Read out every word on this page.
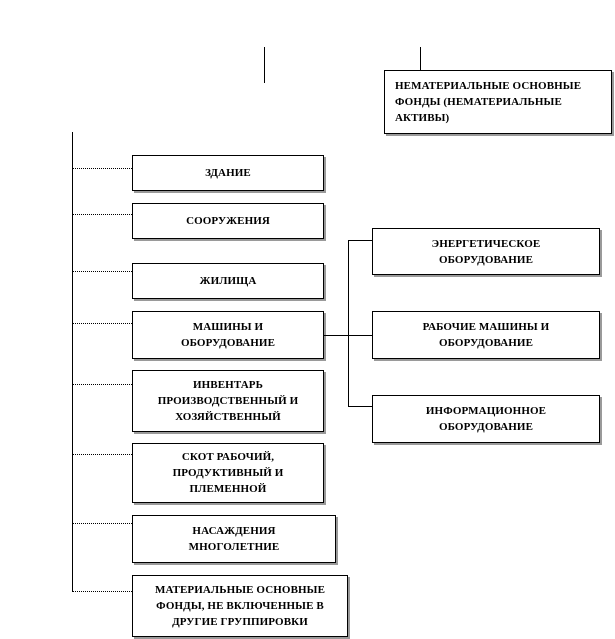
НЕМАТЕРИАЛЬНЫЕ ОСНОВНЫЕ
ФОНДЫ (НЕМАТЕРИАЛЬНЫЕ
АКТИВЫ)
ЗДАНИЕ
СООРУЖЕНИЯ
ЖИЛИЩА
МАШИНЫ И
ОБОРУДОВАНИЕ
ИНВЕНТАРЬ
ПРОИЗВОДСТВЕННЫЙ И
ХОЗЯЙСТВЕННЫЙ
СКОТ РАБОЧИЙ,
ПРОДУКТИВНЫЙ И
ПЛЕМЕННОЙ
НАСАЖДЕНИЯ
МНОГОЛЕТНИЕ
МАТЕРИАЛЬНЫЕ ОСНОВНЫЕ
ФОНДЫ, НЕ ВКЛЮЧЕННЫЕ В
ДРУГИЕ ГРУППИРОВКИ
ЭНЕРГЕТИЧЕСКОЕ
ОБОРУДОВАНИЕ
РАБОЧИЕ МАШИНЫ И
ОБОРУДОВАНИЕ
ИНФОРМАЦИОННОЕ
ОБОРУДОВАНИЕ
